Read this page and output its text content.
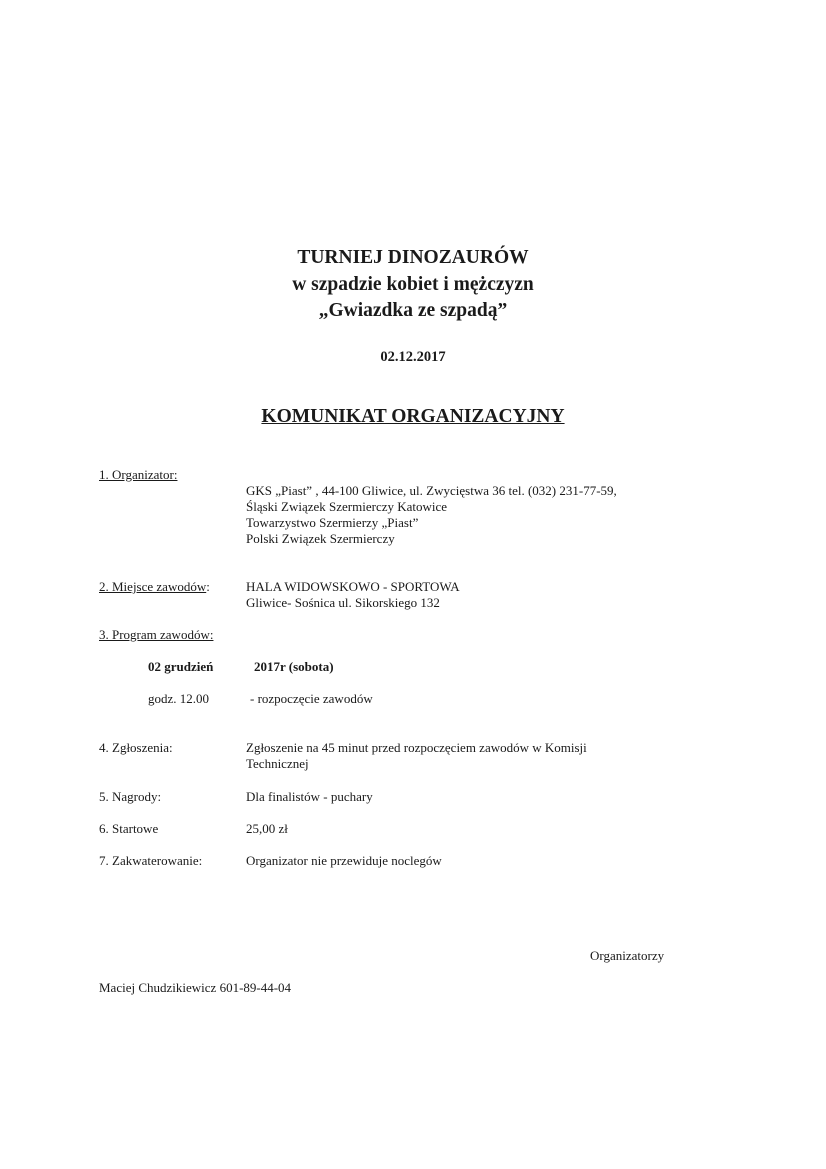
TURNIEJ DINOZAURÓW
w szpadzie kobiet i mężczyzn
„Gwiazdka ze szpadą”
02.12.2017
KOMUNIKAT ORGANIZACYJNY
1. Organizator:
GKS „Piast” , 44-100 Gliwice, ul. Zwycięstwa 36 tel. (032) 231-77-59,
Śląski Związek Szermierczy Katowice
Towarzystwo Szermierzy „Piast”
Polski Związek Szermierczy
2. Miejsce zawodów:	HALA WIDOWSKOWO - SPORTOWA
Gliwice- Sośnica ul. Sikorskiego 132
3. Program zawodów:
02 grudzień	2017r (sobota)
godz. 12.00	- rozpoczęcie zawodów
4. Zgłoszenia:	Zgłoszenie na 45 minut przed rozpoczęciem zawodów w Komisji
Technicznej
5. Nagrody:	Dla finalistów - puchary
6. Startowe	25,00 zł
7. Zakwaterowanie:	Organizator nie przewiduje noclegów
Organizatorzy
Maciej Chudzikiewicz 601-89-44-04
